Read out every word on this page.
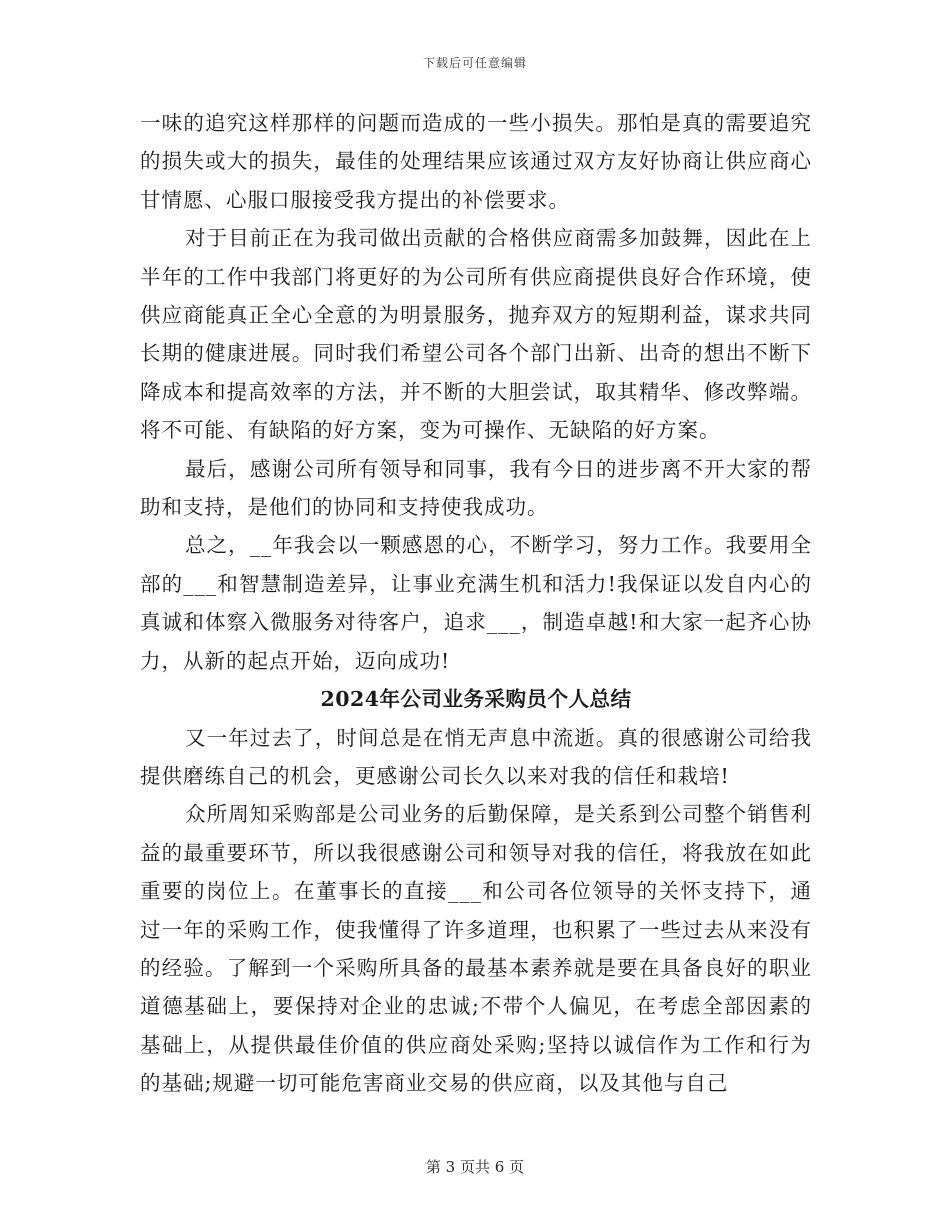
下载后可任意编辑

一味的追究这样那样的问题而造成的一些小损失。那怕是真的需要追究的损失或大的损失，最佳的处理结果应该通过双方友好协商让供应商心甘情愿、心服口服接受我方提出的补偿要求。

对于目前正在为我司做出贡献的合格供应商需多加鼓舞，因此在上半年的工作中我部门将更好的为公司所有供应商提供良好合作环境，使供应商能真正全心全意的为明景服务，抛弃双方的短期利益，谋求共同长期的健康进展。同时我们希望公司各个部门出新、出奇的想出不断下降成本和提高效率的方法，并不断的大胆尝试，取其精华、修改弊端。将不可能、有缺陷的好方案，变为可操作、无缺陷的好方案。

最后，感谢公司所有领导和同事，我有今日的进步离不开大家的帮助和支持，是他们的协同和支持使我成功。

总之，__年我会以一颗感恩的心，不断学习，努力工作。我要用全部的___和智慧制造差异，让事业充满生机和活力!我保证以发自内心的真诚和体察入微服务对待客户，追求___，制造卓越!和大家一起齐心协力，从新的起点开始，迈向成功!

2024年公司业务采购员个人总结

又一年过去了，时间总是在悄无声息中流逝。真的很感谢公司给我提供磨练自己的机会，更感谢公司长久以来对我的信任和栽培!

众所周知采购部是公司业务的后勤保障，是关系到公司整个销售利益的最重要环节，所以我很感谢公司和领导对我的信任，将我放在如此重要的岗位上。在董事长的直接___和公司各位领导的关怀支持下，通过一年的采购工作，使我懂得了许多道理，也积累了一些过去从来没有的经验。了解到一个采购所具备的最基本素养就是要在具备良好的职业道德基础上，要保持对企业的忠诚;不带个人偏见，在考虑全部因素的基础上，从提供最佳价值的供应商处采购;坚持以诚信作为工作和行为的基础;规避一切可能危害商业交易的供应商，以及其他与自己

第 3 页共 6 页
